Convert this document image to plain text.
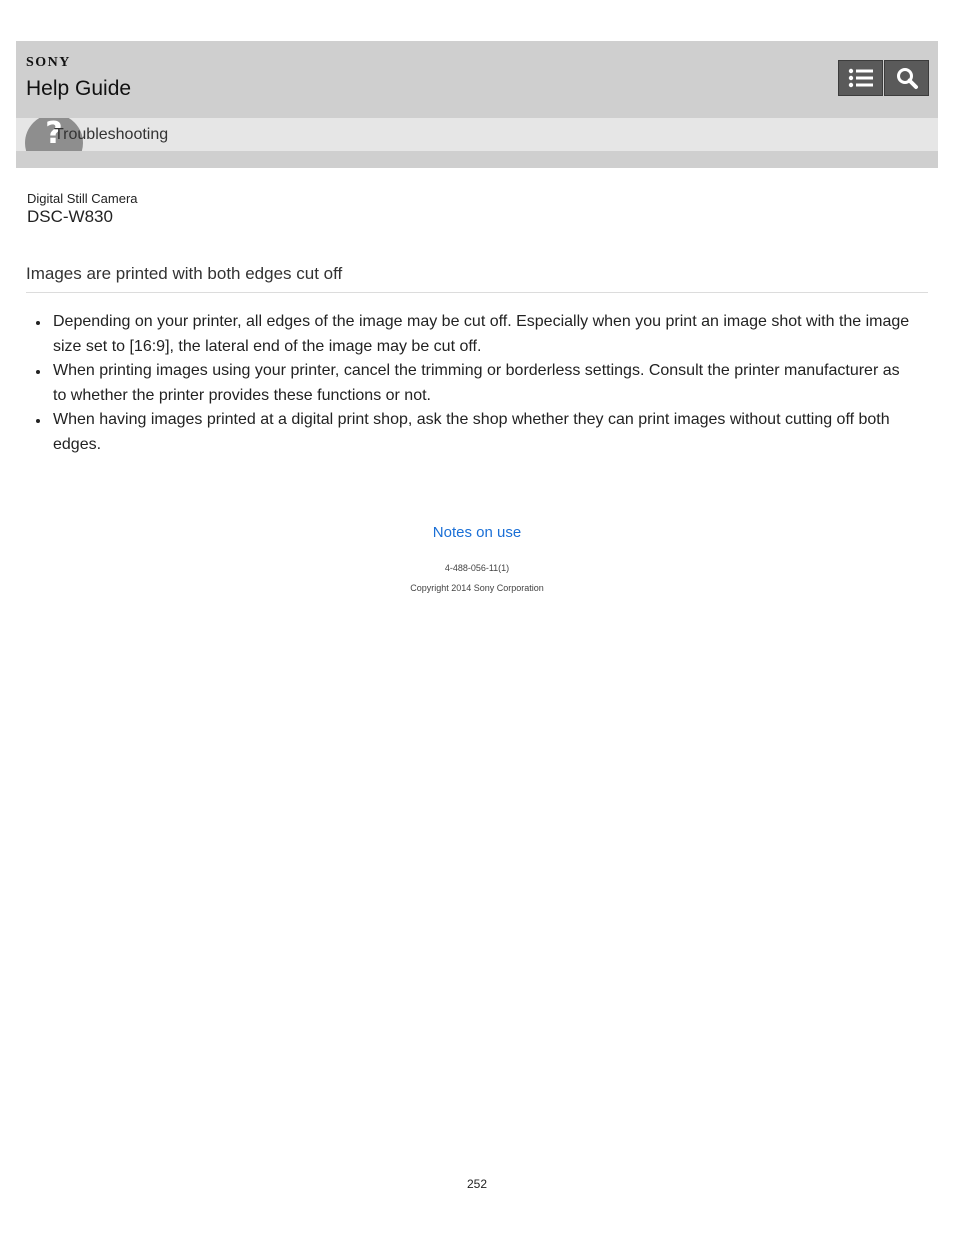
SONY
Help Guide
?
Troubleshooting
Digital Still Camera
DSC-W830
Images are printed with both edges cut off
Depending on your printer, all edges of the image may be cut off. Especially when you print an image shot with the image size set to [16:9], the lateral end of the image may be cut off.
When printing images using your printer, cancel the trimming or borderless settings. Consult the printer manufacturer as to whether the printer provides these functions or not.
When having images printed at a digital print shop, ask the shop whether they can print images without cutting off both edges.
Notes on use
4-488-056-11(1)
Copyright 2014 Sony Corporation
252
